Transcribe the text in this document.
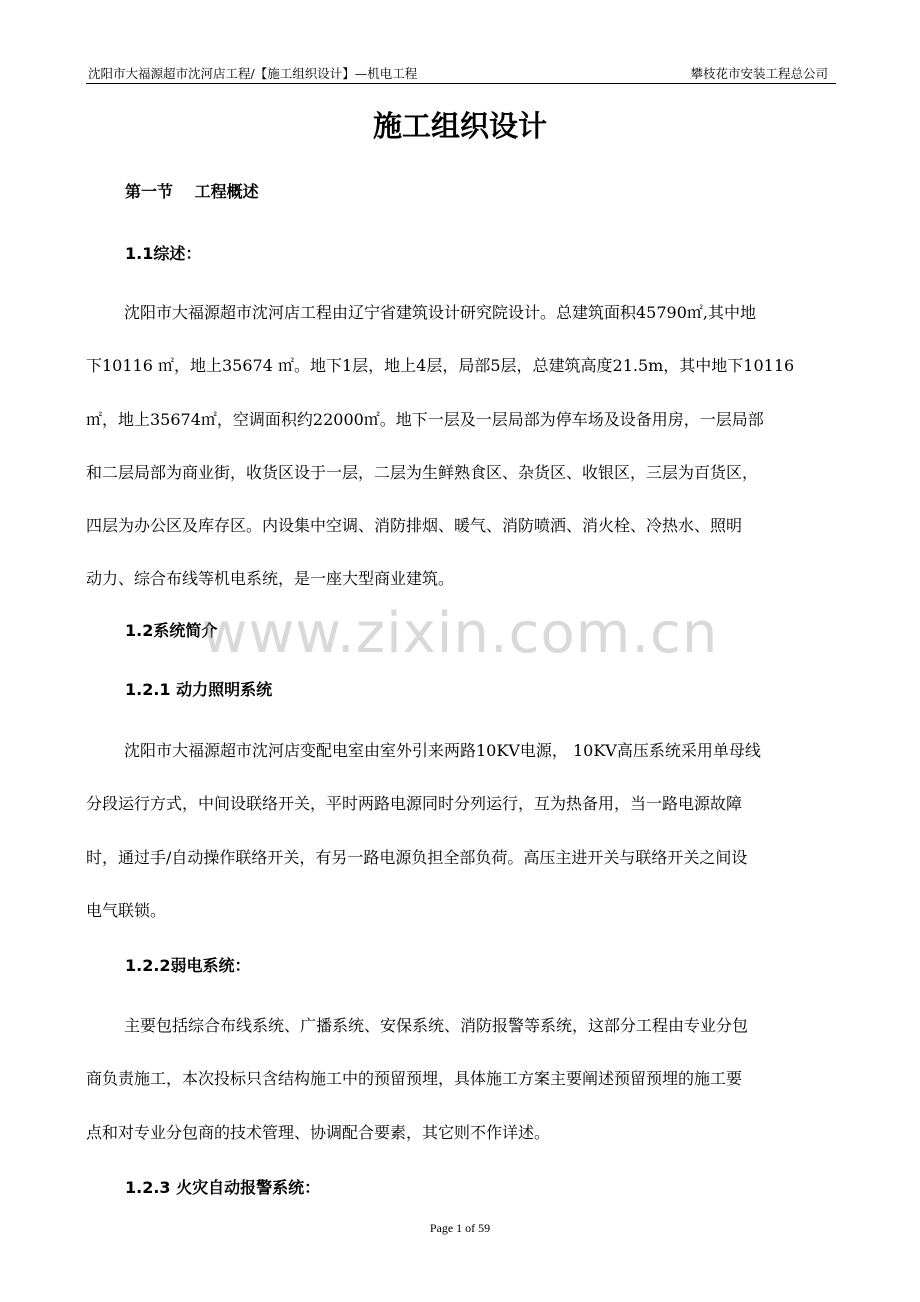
沈阳市大福源超市沈河店工程/【施工组织设计】—机电工程	攀枝花市安装工程总公司
施工组织设计
第一节　 工程概述
1.1综述：
沈阳市大福源超市沈河店工程由辽宁省建筑设计研究院设计。总建筑面积45790㎡,其中地
下10116 ㎡，地上35674 ㎡。地下1层，地上4层，局部5层，总建筑高度21.5m，其中地下10116
㎡，地上35674㎡，空调面积约22000㎡。地下一层及一层局部为停车场及设备用房，一层局部
和二层局部为商业街，收货区设于一层，二层为生鲜熟食区、杂货区、收银区，三层为百货区，
四层为办公区及库存区。内设集中空调、消防排烟、暖气、消防喷洒、消火栓、冷热水、照明
动力、综合布线等机电系统，是一座大型商业建筑。
1.2系统简介
www.zixin.com.cn
1.2.1 动力照明系统
沈阳市大福源超市沈河店变配电室由室外引来两路10KV电源， 10KV高压系统采用单母线
分段运行方式，中间设联络开关，平时两路电源同时分列运行，互为热备用，当一路电源故障
时，通过手/自动操作联络开关，有另一路电源负担全部负荷。高压主进开关与联络开关之间设
电气联锁。
1.2.2弱电系统：
主要包括综合布线系统、广播系统、安保系统、消防报警等系统，这部分工程由专业分包
商负责施工，本次投标只含结构施工中的预留预埋，具体施工方案主要阐述预留预埋的施工要
点和对专业分包商的技术管理、协调配合要素，其它则不作详述。
1.2.3 火灾自动报警系统：
Page 1 of 59
